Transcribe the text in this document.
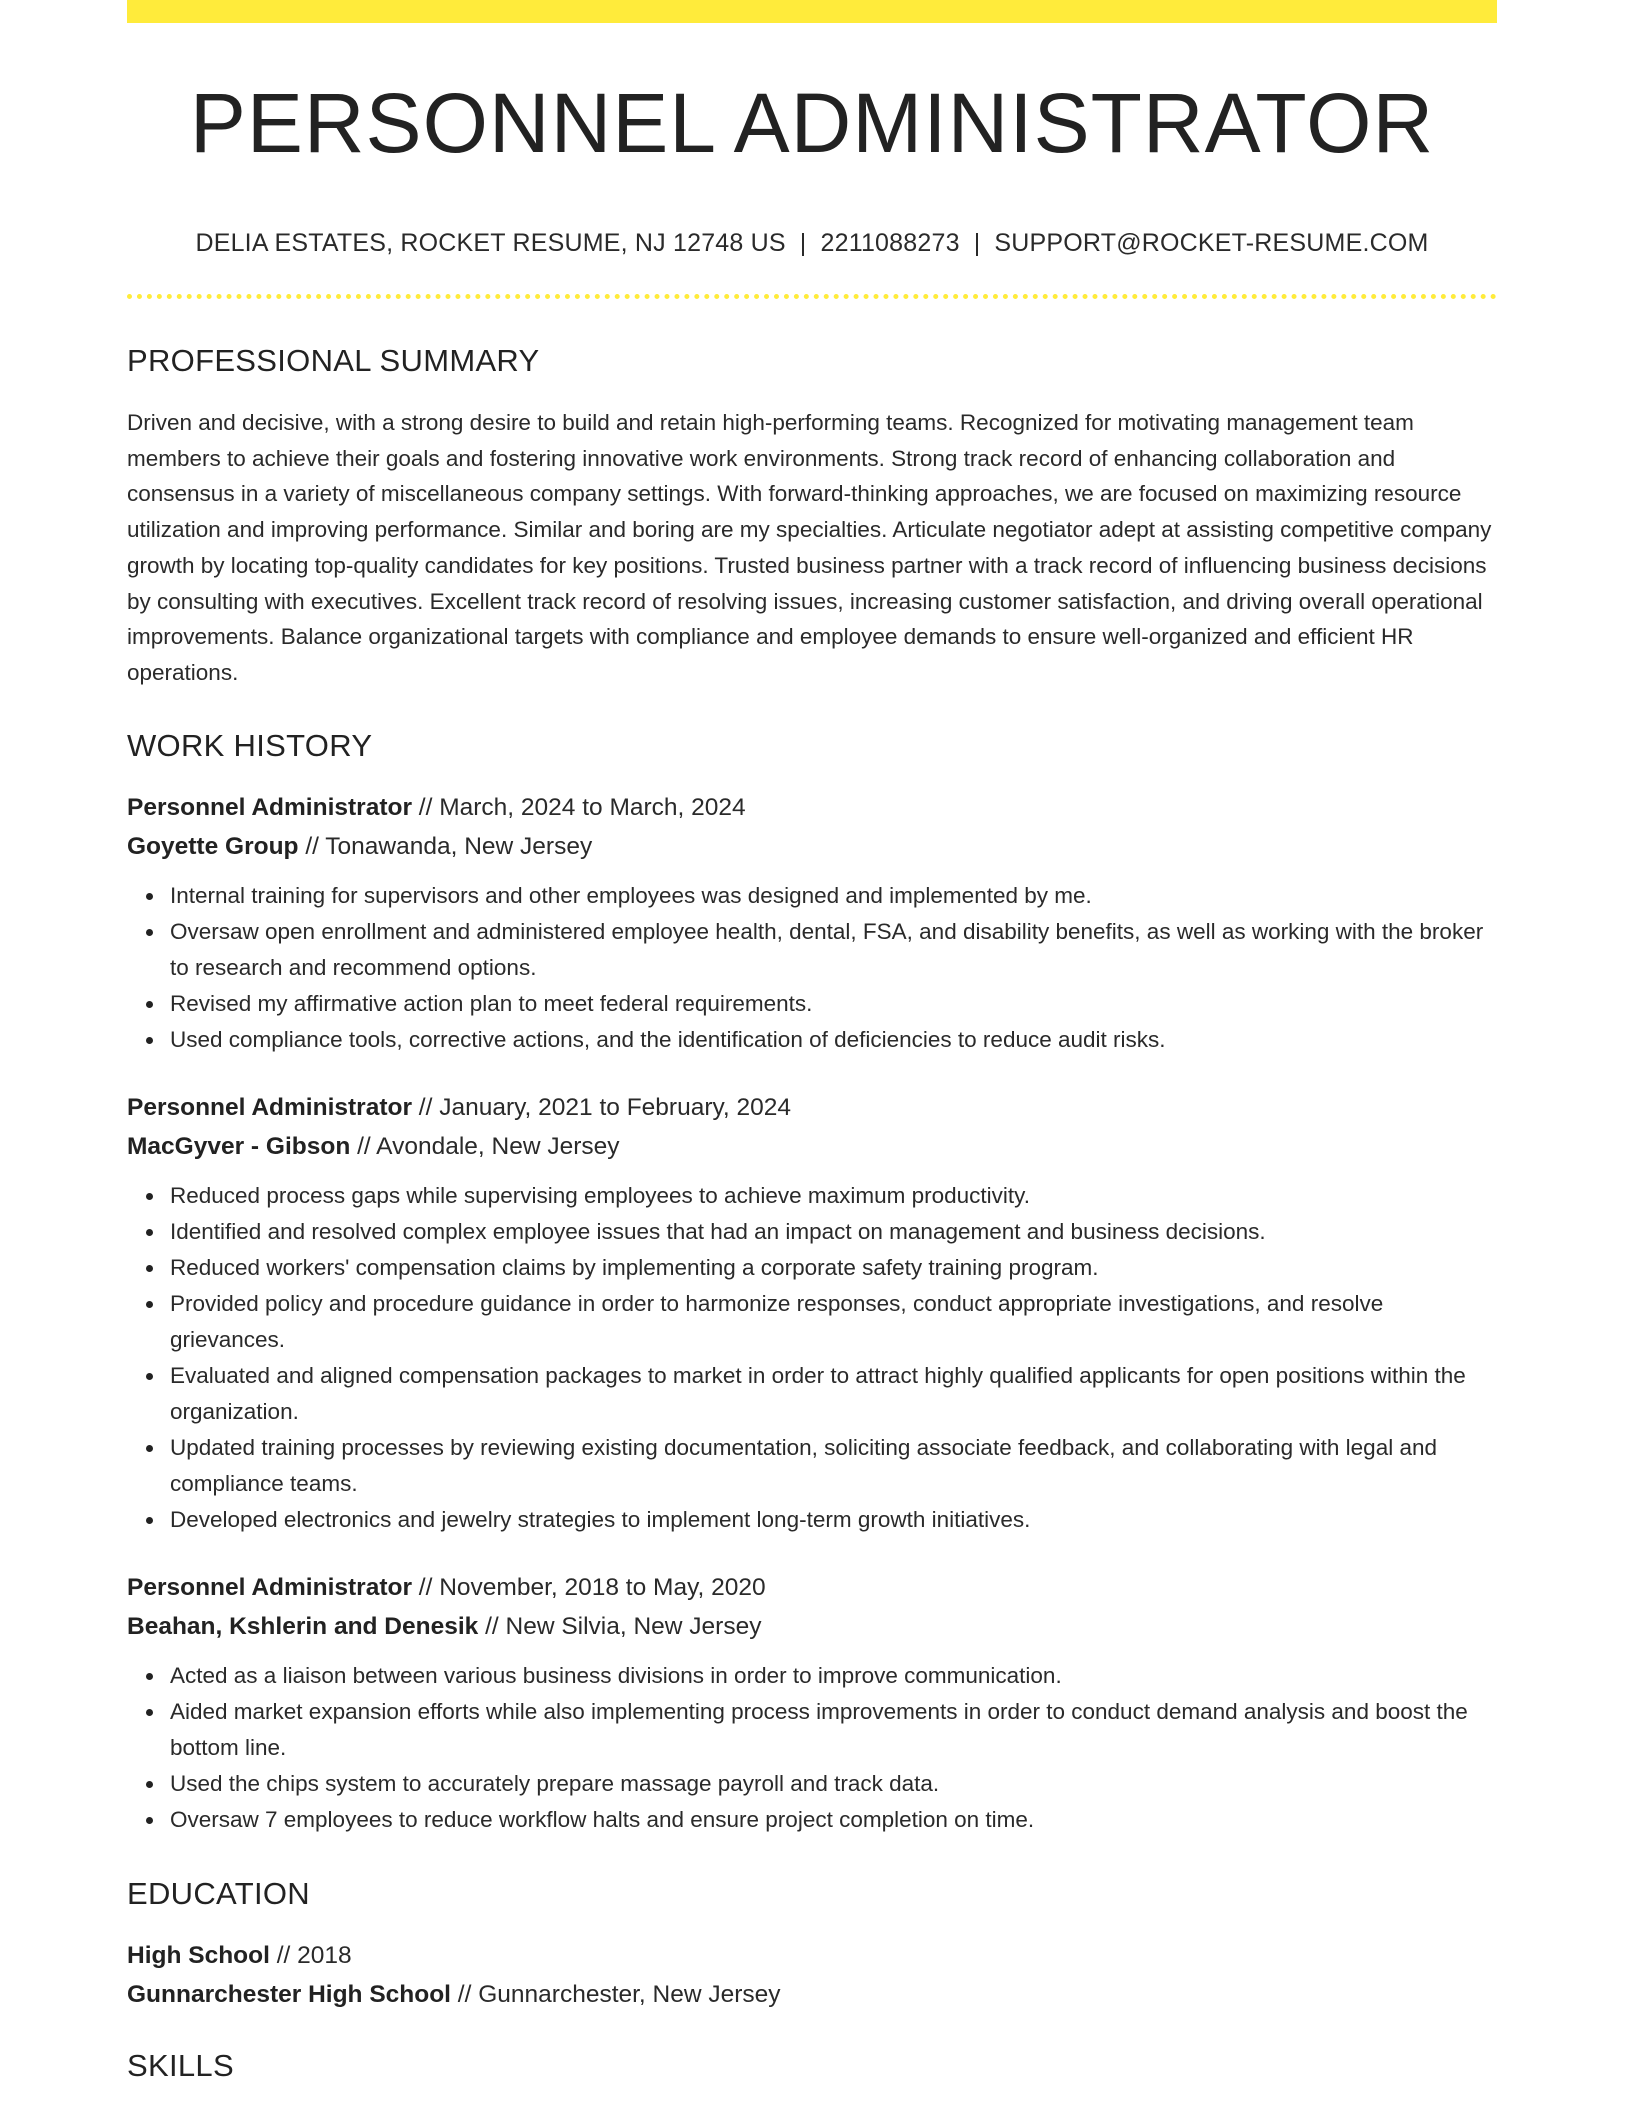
PERSONNEL ADMINISTRATOR
DELIA ESTATES, ROCKET RESUME, NJ 12748 US | 2211088273 | SUPPORT@ROCKET-RESUME.COM
PROFESSIONAL SUMMARY

Driven and decisive, with a strong desire to build and retain high-performing teams. Recognized for motivating management team members to achieve their goals and fostering innovative work environments. Strong track record of enhancing collaboration and consensus in a variety of miscellaneous company settings. With forward-thinking approaches, we are focused on maximizing resource utilization and improving performance. Similar and boring are my specialties. Articulate negotiator adept at assisting competitive company growth by locating top-quality candidates for key positions. Trusted business partner with a track record of influencing business decisions by consulting with executives. Excellent track record of resolving issues, increasing customer satisfaction, and driving overall operational improvements. Balance organizational targets with compliance and employee demands to ensure well-organized and efficient HR operations.

WORK HISTORY
Personnel Administrator // March, 2024 to March, 2024
Goyette Group // Tonawanda, New Jersey
Internal training for supervisors and other employees was designed and implemented by me.
Oversaw open enrollment and administered employee health, dental, FSA, and disability benefits, as well as working with the broker to research and recommend options.
Revised my affirmative action plan to meet federal requirements.
Used compliance tools, corrective actions, and the identification of deficiencies to reduce audit risks.
Personnel Administrator // January, 2021 to February, 2024
MacGyver - Gibson // Avondale, New Jersey
Reduced process gaps while supervising employees to achieve maximum productivity.
Identified and resolved complex employee issues that had an impact on management and business decisions.
Reduced workers' compensation claims by implementing a corporate safety training program.
Provided policy and procedure guidance in order to harmonize responses, conduct appropriate investigations, and resolve grievances.
Evaluated and aligned compensation packages to market in order to attract highly qualified applicants for open positions within the organization.
Updated training processes by reviewing existing documentation, soliciting associate feedback, and collaborating with legal and compliance teams.
Developed electronics and jewelry strategies to implement long-term growth initiatives.
Personnel Administrator // November, 2018 to May, 2020
Beahan, Kshlerin and Denesik // New Silvia, New Jersey
Acted as a liaison between various business divisions in order to improve communication.
Aided market expansion efforts while also implementing process improvements in order to conduct demand analysis and boost the bottom line.
Used the chips system to accurately prepare massage payroll and track data.
Oversaw 7 employees to reduce workflow halts and ensure project completion on time.
EDUCATION
High School // 2018
Gunnarchester High School // Gunnarchester, New Jersey
SKILLS
